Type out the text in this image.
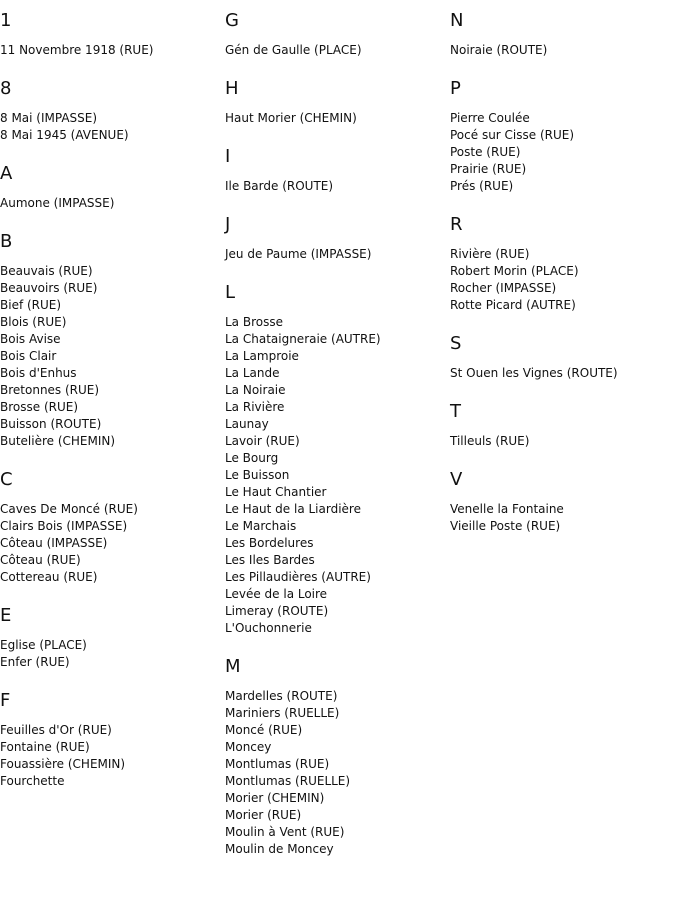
1
11 Novembre 1918 (RUE)
8
8 Mai (IMPASSE)
8 Mai 1945 (AVENUE)
A
Aumone (IMPASSE)
B
Beauvais (RUE)
Beauvoirs (RUE)
Bief (RUE)
Blois (RUE)
Bois Avise
Bois Clair
Bois d'Enhus
Bretonnes (RUE)
Brosse (RUE)
Buisson (ROUTE)
Butelière (CHEMIN)
C
Caves De Moncé (RUE)
Clairs Bois (IMPASSE)
Côteau (IMPASSE)
Côteau (RUE)
Cottereau (RUE)
E
Eglise (PLACE)
Enfer (RUE)
F
Feuilles d'Or (RUE)
Fontaine (RUE)
Fouassière (CHEMIN)
Fourchette
G
Gén de Gaulle (PLACE)
H
Haut Morier (CHEMIN)
I
Ile Barde (ROUTE)
J
Jeu de Paume (IMPASSE)
L
La Brosse
La Chataigneraie (AUTRE)
La Lamproie
La Lande
La Noiraie
La Rivière
Launay
Lavoir (RUE)
Le Bourg
Le Buisson
Le Haut Chantier
Le Haut de la Liardière
Le Marchais
Les Bordelures
Les Iles Bardes
Les Pillaudières (AUTRE)
Levée de la Loire
Limeray (ROUTE)
L'Ouchonnerie
M
Mardelles (ROUTE)
Mariniers (RUELLE)
Moncé (RUE)
Moncey
Montlumas (RUE)
Montlumas (RUELLE)
Morier (CHEMIN)
Morier (RUE)
Moulin à Vent (RUE)
Moulin de Moncey
N
Noiraie (ROUTE)
P
Pierre Coulée
Pocé sur Cisse (RUE)
Poste (RUE)
Prairie (RUE)
Prés (RUE)
R
Rivière (RUE)
Robert Morin (PLACE)
Rocher (IMPASSE)
Rotte Picard (AUTRE)
S
St Ouen les Vignes (ROUTE)
T
Tilleuls (RUE)
V
Venelle la Fontaine
Vieille Poste (RUE)
